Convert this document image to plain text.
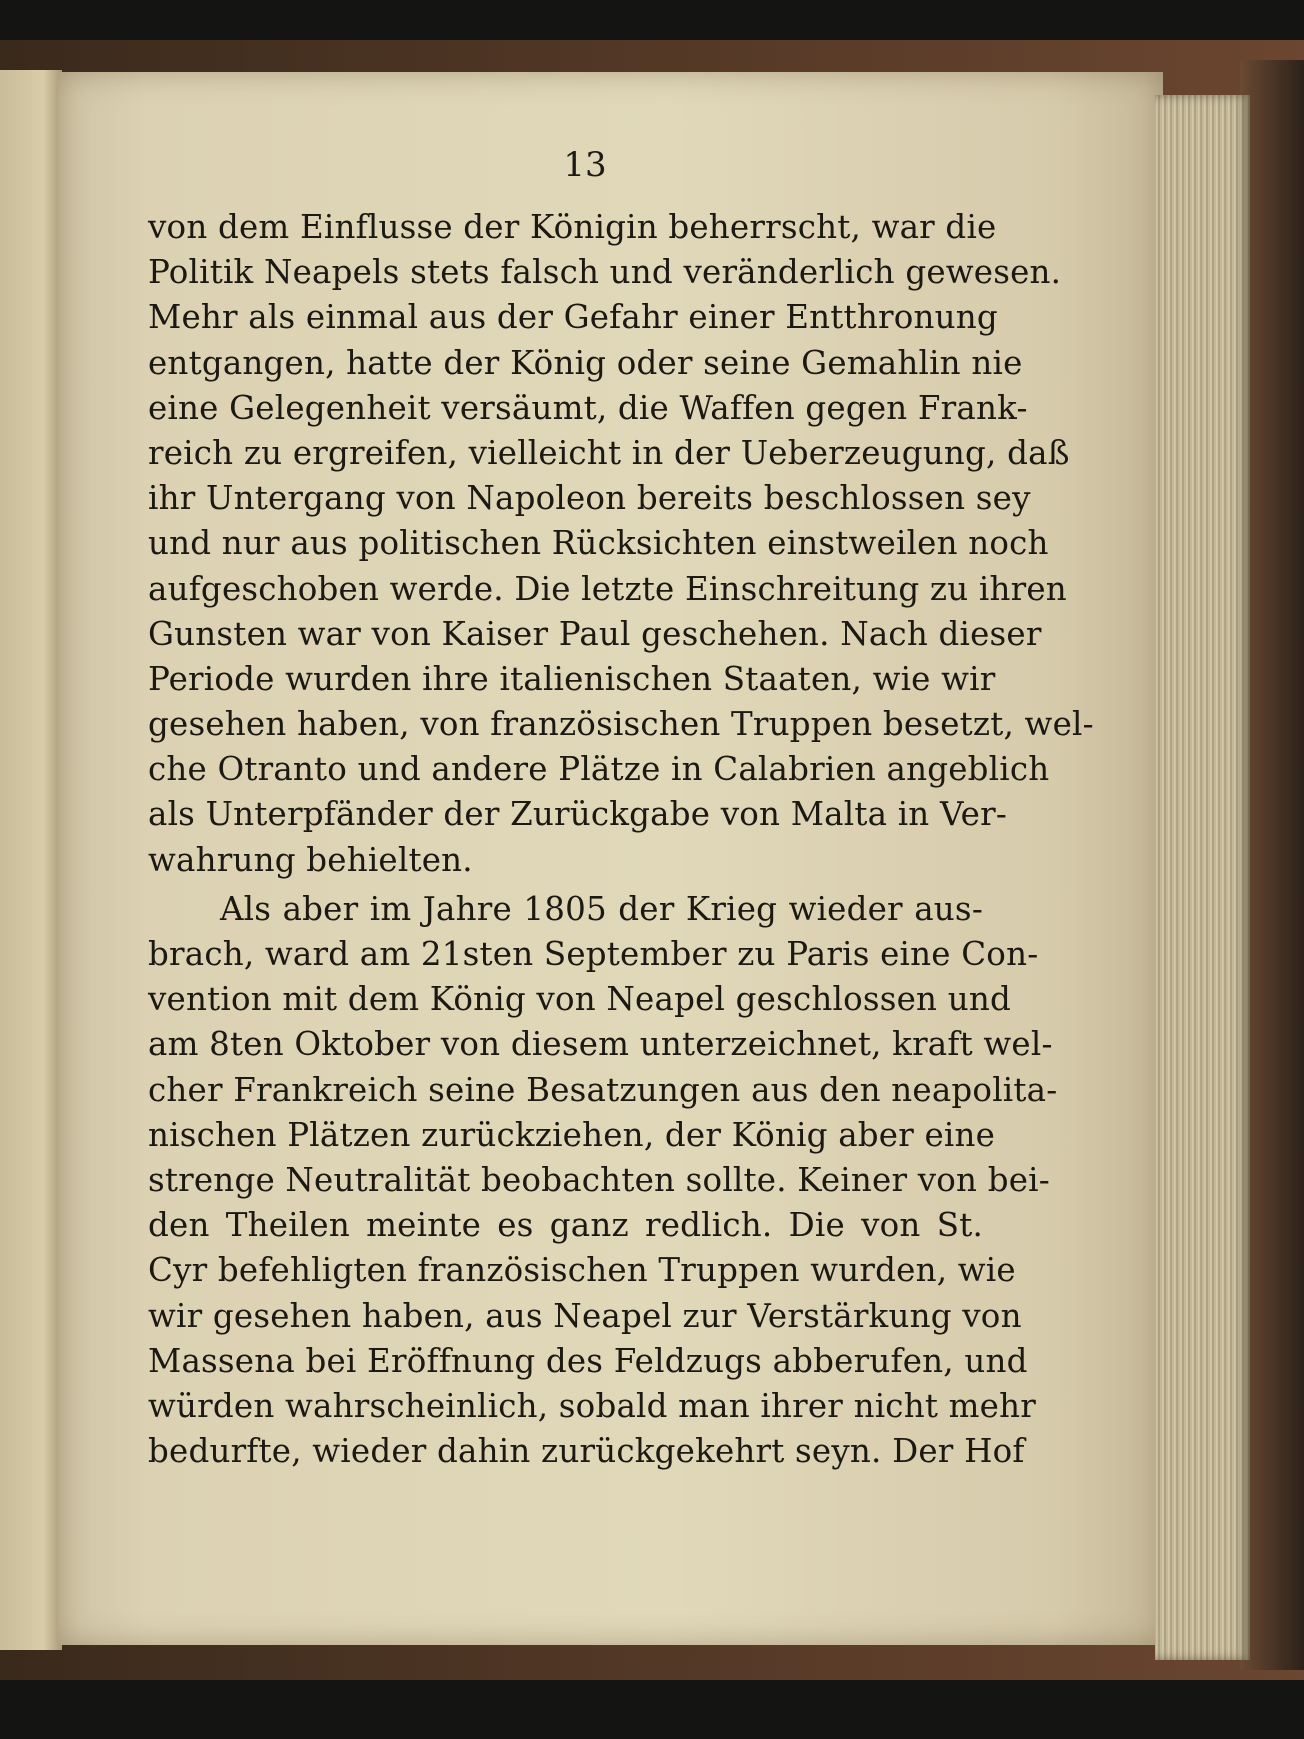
13
von dem Einflusse der Königin beherrscht, war die
Politik Neapels stets falsch und veränderlich gewesen.
Mehr als einmal aus der Gefahr einer Entthronung
entgangen, hatte der König oder seine Gemahlin nie
eine Gelegenheit versäumt, die Waffen gegen Frank-
reich zu ergreifen, vielleicht in der Ueberzeugung, daß
ihr Untergang von Napoleon bereits beschlossen sey
und nur aus politischen Rücksichten einstweilen noch
aufgeschoben werde. Die letzte Einschreitung zu ihren
Gunsten war von Kaiser Paul geschehen. Nach dieser
Periode wurden ihre italienischen Staaten, wie wir
gesehen haben, von französischen Truppen besetzt, wel-
che Otranto und andere Plätze in Calabrien angeblich
als Unterpfänder der Zurückgabe von Malta in Ver-
wahrung behielten.
Als aber im Jahre 1805 der Krieg wieder aus-
brach, ward am 21sten September zu Paris eine Con-
vention mit dem König von Neapel geschlossen und
am 8ten Oktober von diesem unterzeichnet, kraft wel-
cher Frankreich seine Besatzungen aus den neapolita-
nischen Plätzen zurückziehen, der König aber eine
strenge Neutralität beobachten sollte. Keiner von bei-
den Theilen meinte es ganz redlich. Die von St.
Cyr befehligten französischen Truppen wurden, wie
wir gesehen haben, aus Neapel zur Verstärkung von
Massena bei Eröffnung des Feldzugs abberufen, und
würden wahrscheinlich, sobald man ihrer nicht mehr
bedurfte, wieder dahin zurückgekehrt seyn. Der Hof
